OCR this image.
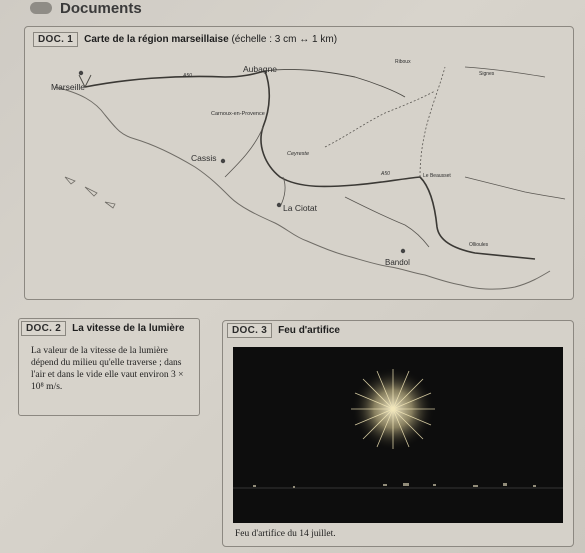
Documents
Marseille
Aubagne
Carnoux-en-Provence
Cassis	Ceyreste
La Ciotat
Bandol
Le Beausset
Ollioules
Signes
Riboux
A50
A50
DOC. 1	Carte de la région marseillaise (échelle : 3 cm ↔ 1 km)
DOC. 2	La vitesse de la lumière
La valeur de la vitesse de la lumière dépend du milieu qu'elle traverse ; dans l'air et dans le vide elle vaut environ 3 × 10⁸ m/s.
DOC. 3	Feu d'artifice
Feu d'artifice du 14 juillet.
